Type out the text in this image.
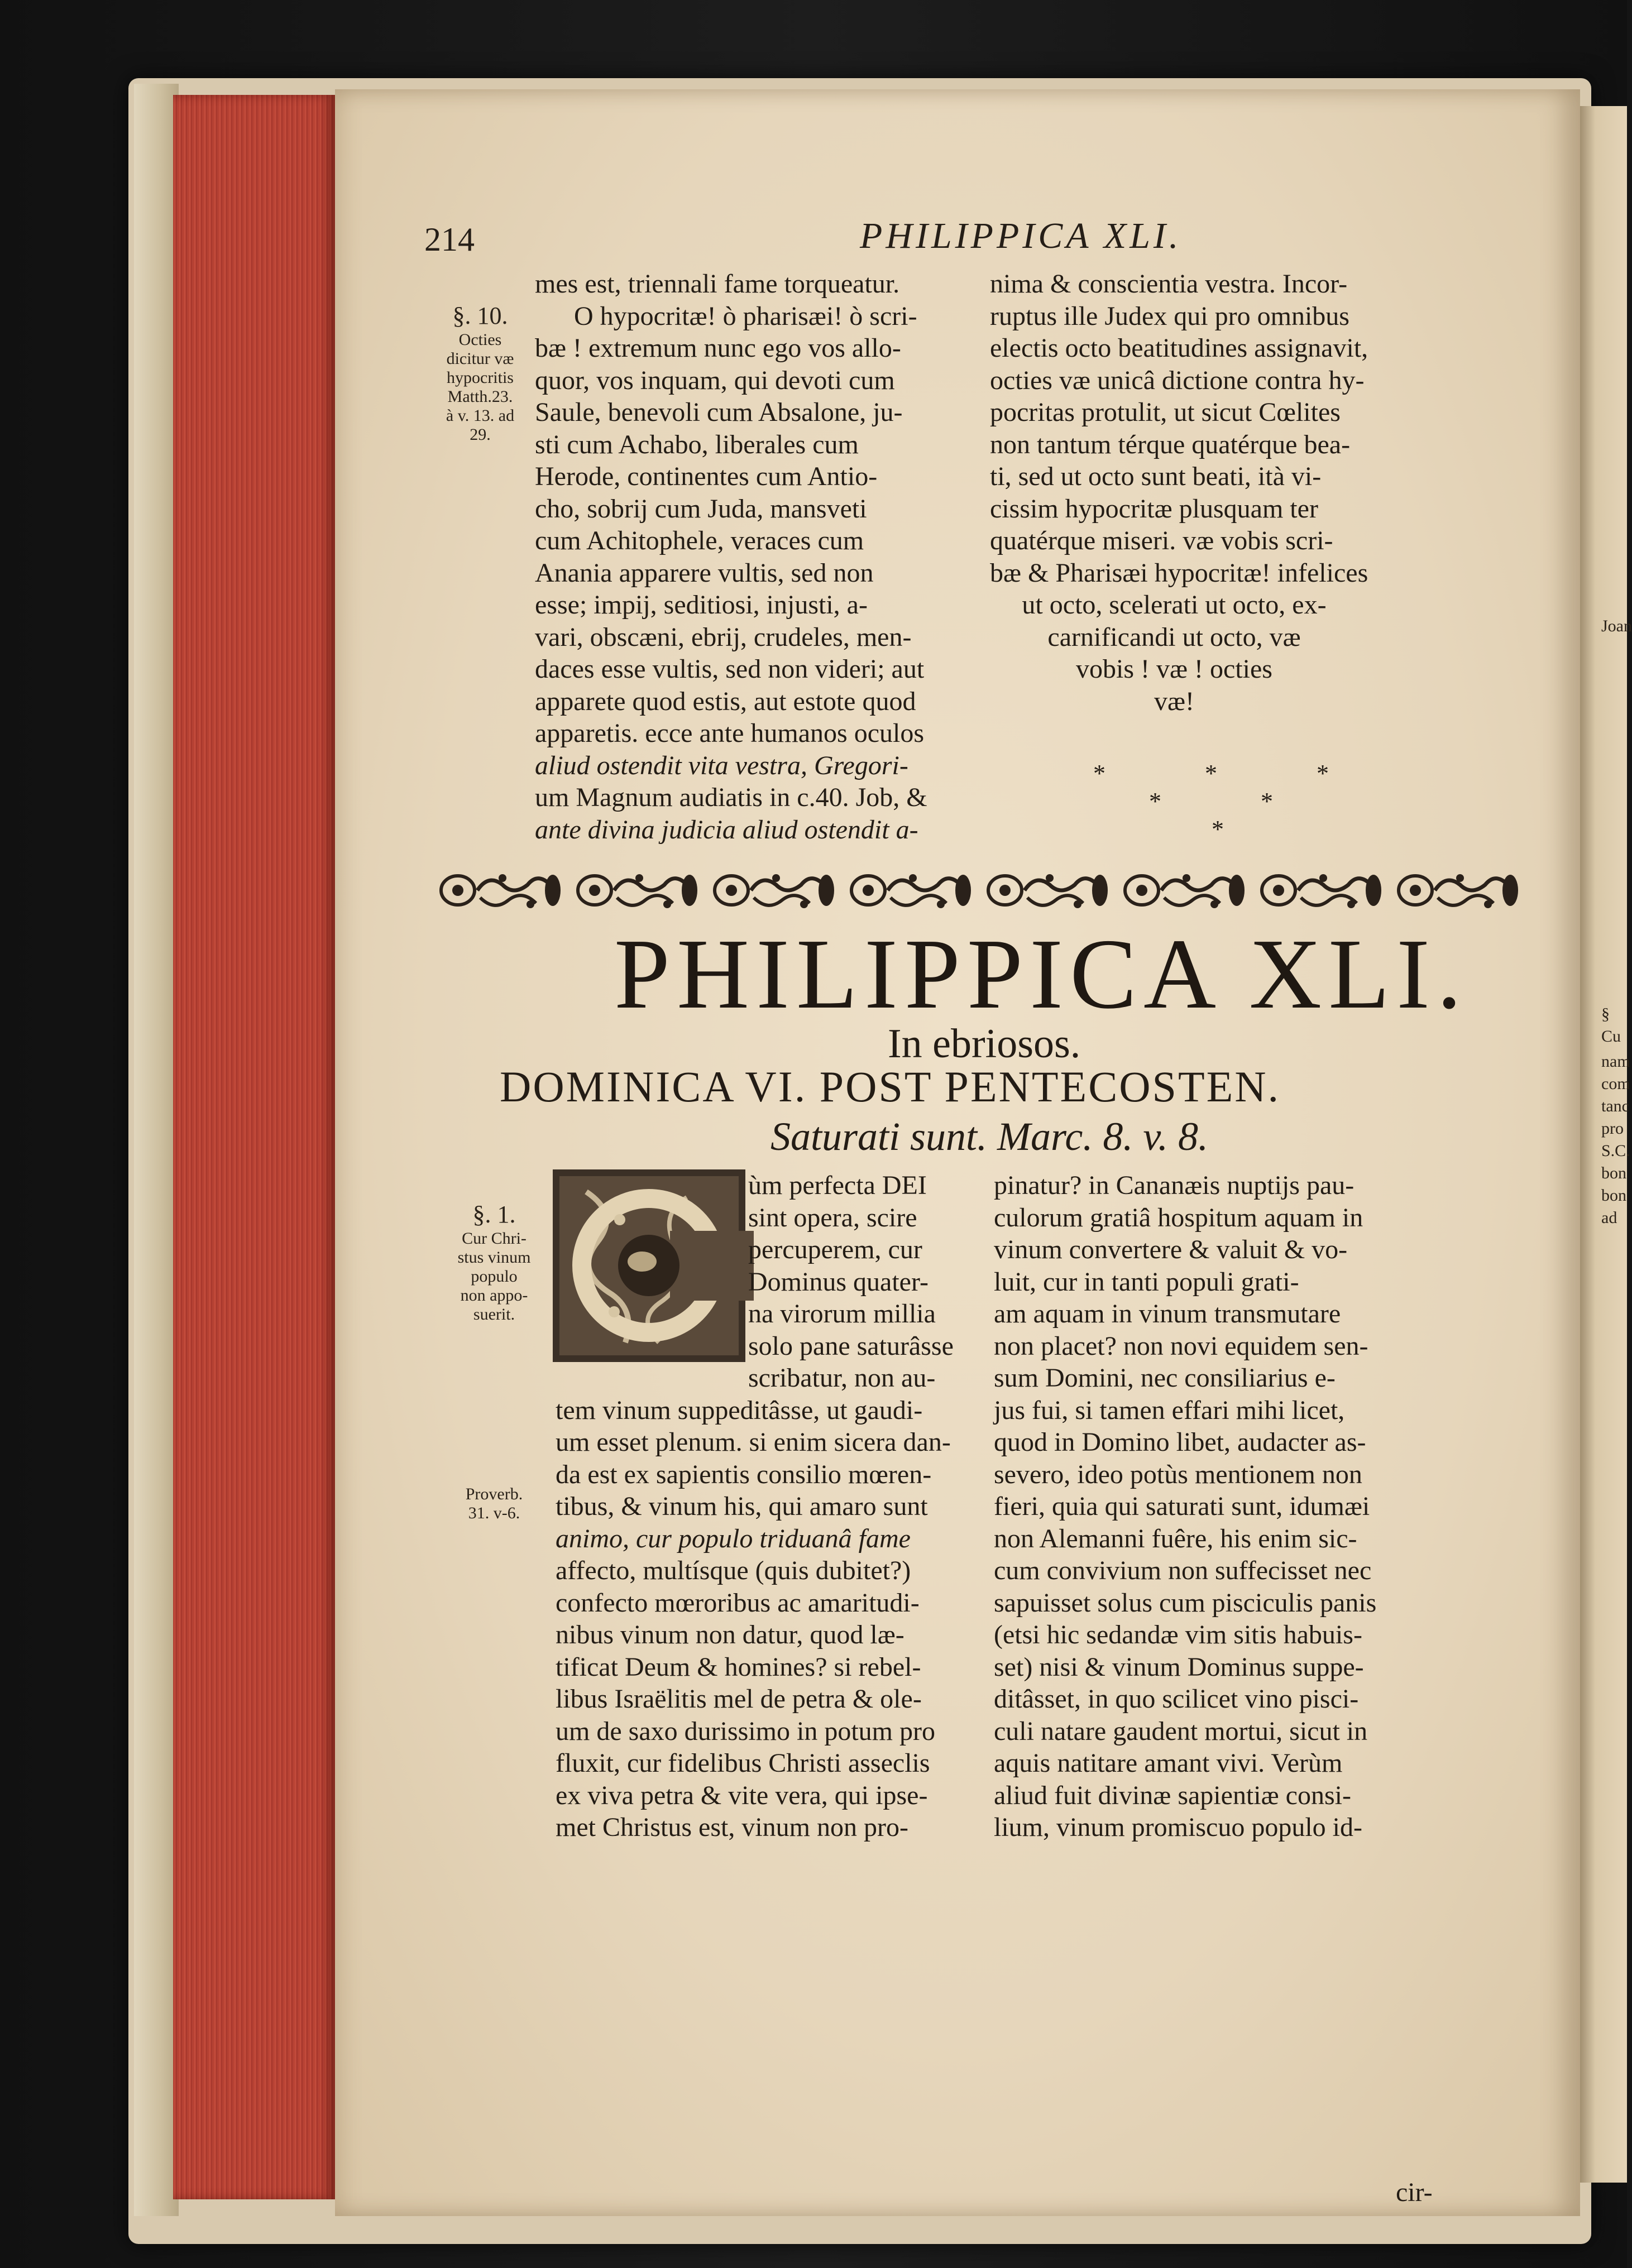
214	PHILIPPICA XLI.
§. 10.
Octies
dicitur væ
hypocritis
Matth.23.
à v. 13. ad
29.
mes est, triennali fame torqueatur.
O hypocritæ! ò pharisæi! ò scri-
bæ ! extremum nunc ego vos allo-
quor, vos inquam, qui devoti cum
Saule, benevoli cum Absalone, ju-
sti cum Achabo, liberales cum
Herode, continentes cum Antio-
cho, sobrij cum Juda, mansveti
cum Achitophele, veraces cum
Anania apparere vultis, sed non
esse; impij, seditiosi, injusti, a-
vari, obscæni, ebrij, crudeles, men-
daces esse vultis, sed non videri; aut
apparete quod estis, aut estote quod
apparetis. ecce ante humanos oculos
aliud ostendit vita vestra, Gregori-
um Magnum audiatis in c.40. Job, &
ante divina judicia aliud ostendit a-
nima & conscientia vestra. Incor-
ruptus ille Judex qui pro omnibus
electis octo beatitudines assignavit,
octies væ unicâ dictione contra hy-
pocritas protulit, ut sicut Cœlites
non tantum térque quatérque bea-
ti, sed ut octo sunt beati, ità vi-
cissim hypocritæ plusquam ter
quatérque miseri. væ vobis scri-
bæ & Pharisæi hypocritæ! infelices
ut octo, scelerati ut octo, ex-
carnificandi ut octo, væ
vobis ! væ ! octies
væ!
*	*	*
*	*
*
PHILIPPICA XLI.
In ebriosos.
DOMINICA VI. POST PENTECOSTEN.
Saturati sunt. Marc. 8. v. 8.
§. 1.
Cur Chri-
stus vinum
populo
non appo-
suerit.
Proverb.
31. v-6.
ùm perfecta DEI
sint opera, scire
percuperem, cur
Dominus quater-
na virorum millia
solo pane saturâsse
scribatur, non au-
tem vinum suppeditâsse, ut gaudi-
um esset plenum. si enim sicera dan-
da est ex sapientis consilio mœren-
tibus, & vinum his, qui amaro sunt
animo, cur populo triduanâ fame
affecto, multísque (quis dubitet?)
confecto mœroribus ac amaritudi-
nibus vinum non datur, quod læ-
tificat Deum & homines? si rebel-
libus Israëlitis mel de petra & ole-
um de saxo durissimo in potum pro
fluxit, cur fidelibus Christi asseclis
ex viva petra & vite vera, qui ipse-
met Christus est, vinum non pro-
pinatur? in Cananæis nuptijs pau-
culorum gratiâ hospitum aquam in
vinum convertere & valuit & vo-
luit, cur in tanti populi grati-
am aquam in vinum transmutare
non placet? non novi equidem sen-
sum Domini, nec consiliarius e-
jus fui, si tamen effari mihi licet,
quod in Domino libet, audacter as-
severo, ideo potùs mentionem non
fieri, quia qui saturati sunt, idumæi
non Alemanni fuêre, his enim sic-
cum convivium non suffecisset nec
sapuisset solus cum pisciculis panis
(etsi hic sedandæ vim sitis habuis-
set) nisi & vinum Dominus suppe-
ditâsset, in quo scilicet vino pisci-
culi natare gaudent mortui, sicut in
aquis natitare amant vivi. Verùm
aliud fuit divinæ sapientiæ consi-
lium, vinum promiscuo populo id-
cir-
Joan
§
Cu
nam
com
tanc
pro
S.C.
bon
bon
ad
